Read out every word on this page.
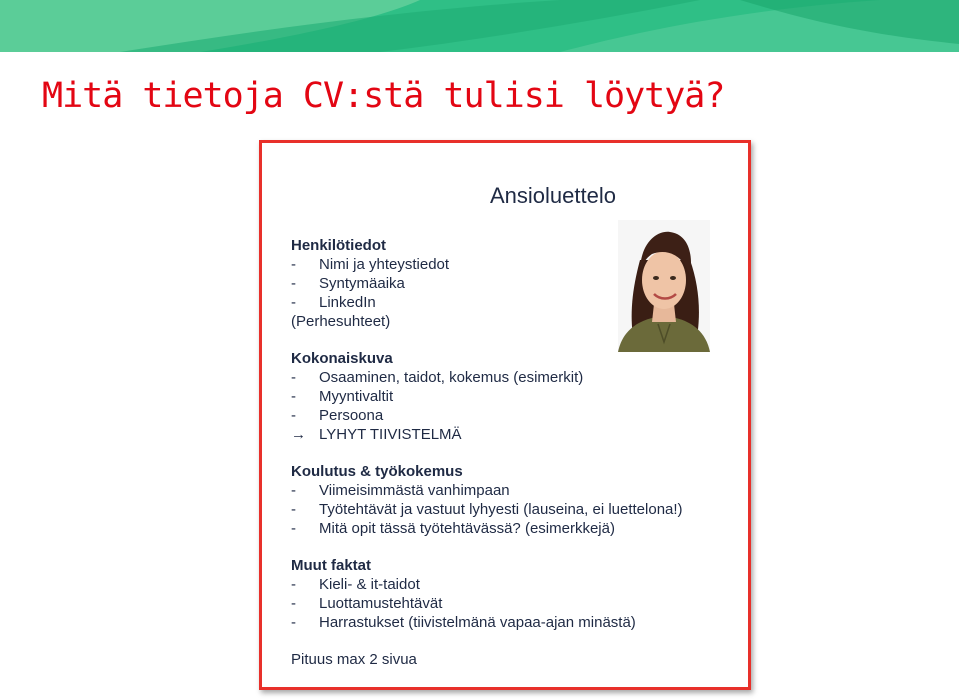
Mitä tietoja CV:stä tulisi löytyä?
Ansioluettelo
Henkilötiedot
-	Nimi ja yhteystiedot
-	Syntymäaika
-	LinkedIn
(Perhesuhteet)
Kokonaiskuva
-	Osaaminen, taidot, kokemus (esimerkit)
-	Myyntivaltit
-	Persoona
→ LYHYT TIIVISTELMÄ
Koulutus & työkokemus
-	Viimeisimmästä vanhimpaan
-	Työtehtävät ja vastuut lyhyesti (lauseina, ei luettelona!)
-	Mitä opit tässä työtehtävässä? (esimerkkejä)
Muut faktat
-	Kieli- & it-taidot
-	Luottamustehtävät
-	Harrastukset (tiivistelmänä vapaa-ajan minästä)
Pituus max 2 sivua
